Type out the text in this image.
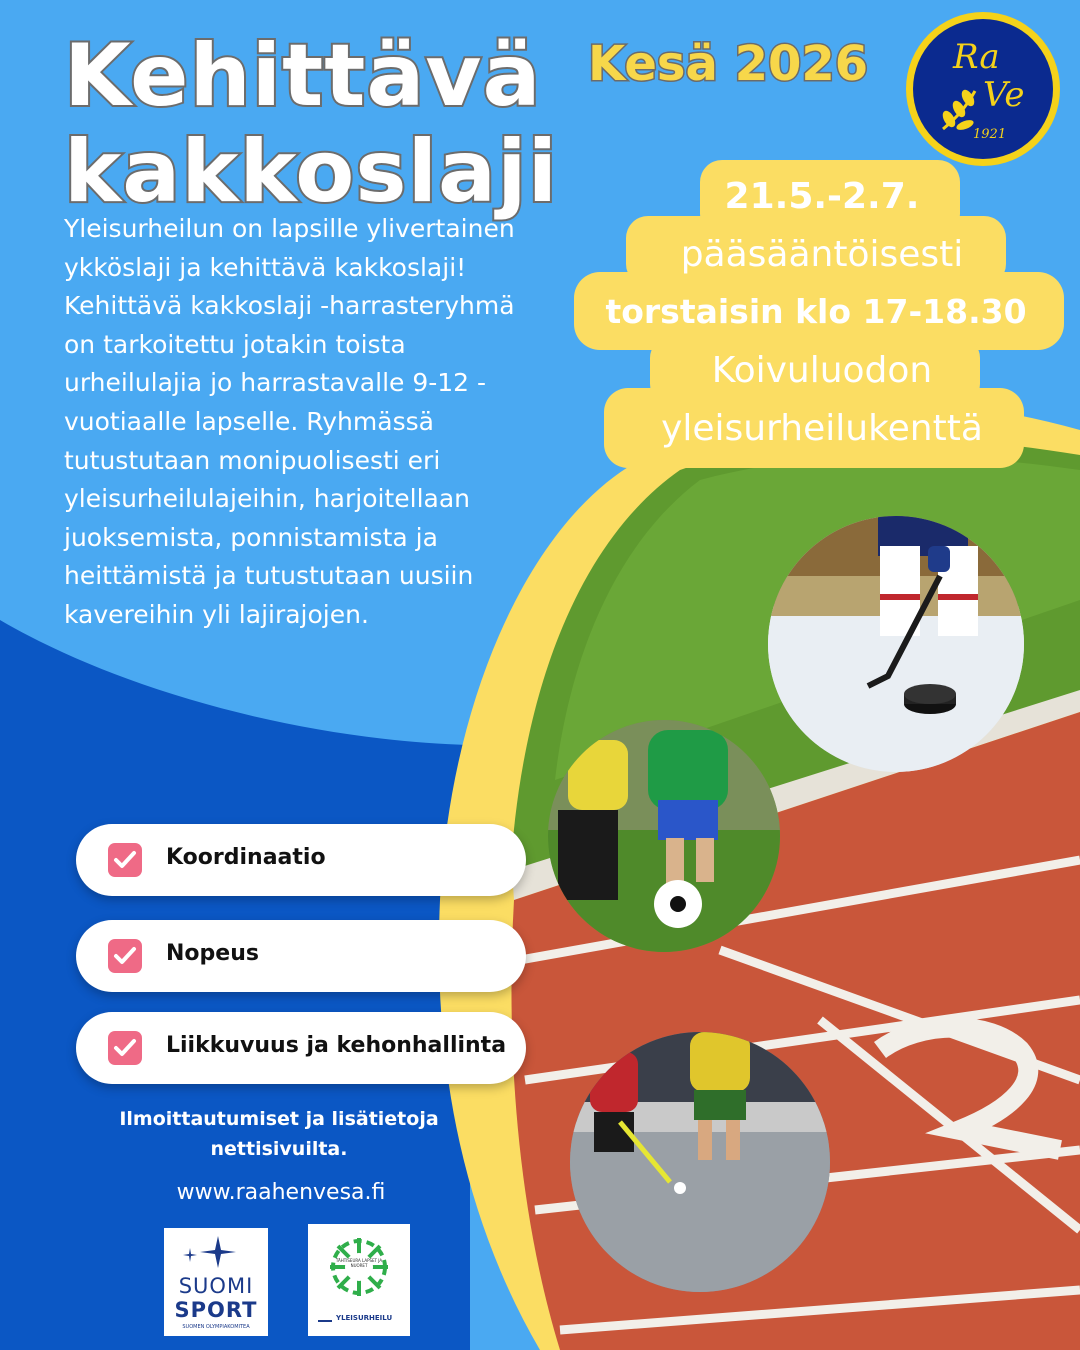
Kehittävä
kakkoslaji
Kesä 2026 Ra
Ve
1921
21.5.-2.7.
pääsääntöisesti
torstaisin klo 17-18.30
Koivuluodon
yleisurheilukenttä
Yleisurheilun on lapsille ylivertainen ykköslaji ja kehittävä kakkoslaji! Kehittävä kakkoslaji -harrasteryhmä on tarkoitettu jotakin toista urheilulajia jo harrastavalle 9-12 -vuotiaalle lapselle. Ryhmässä tutustutaan monipuolisesti eri yleisurheilulajeihin, harjoitellaan juoksemista, ponnistamista ja heittämistä ja tutustutaan uusiin kavereihin yli lajirajojen.
Koordinaatio
Nopeus
Liikkuvuus ja kehonhallinta
Ilmoittautumiset ja lisätietoja nettisivuilta.
www.raahenvesa.fi
SUOMI
SPORT
SUOMEN OLYMPIAKOMITEA
TÄHTISEURA LAPSET JA NUORET
YLEISURHEILU
